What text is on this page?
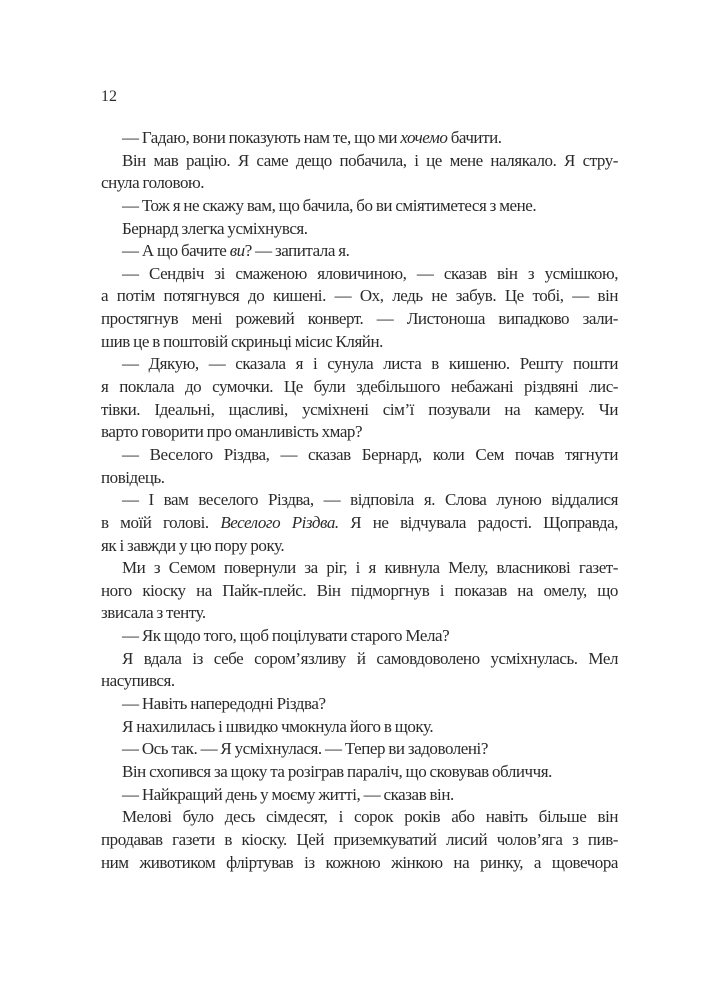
12
— Гадаю, вони показують нам те, що ми хочемо бачити.
Він мав рацію. Я саме дещо побачила, і це мене налякало. Я стру-
снула головою.
— Тож я не скажу вам, що бачила, бо ви сміятиметеся з мене.
Бернард злегка усміхнувся.
— А що бачите ви? — запитала я.
— Сендвіч зі смаженою яловичиною, — сказав він з усмішкою,
а потім потягнувся до кишені. — Ох, ледь не забув. Це тобі, — він
простягнув мені рожевий конверт. — Листоноша випадково зали-
шив це в поштовій скриньці місис Кляйн.
— Дякую, — сказала я і сунула листа в кишеню. Решту пошти
я поклала до сумочки. Це були здебільшого небажані різдвяні лис-
тівки. Ідеальні, щасливі, усміхнені сім’ї позували на камеру. Чи
варто говорити про оманливість хмар?
— Веселого Різдва, — сказав Бернард, коли Сем почав тягнути
повідець.
— І вам веселого Різдва, — відповіла я. Слова луною віддалися
в моїй голові. Веселого Різдва. Я не відчувала радості. Щоправда,
як і завжди у цю пору року.
Ми з Семом повернули за ріг, і я кивнула Мелу, власникові газет-
ного кіоску на Пайк-плейс. Він підморгнув і показав на омелу, що
звисала з тенту.
— Як щодо того, щоб поцілувати старого Мела?
Я вдала із себе сором’язливу й самовдоволено усміхнулась. Мел
насупився.
— Навіть напередодні Різдва?
Я нахилилась і швидко чмокнула його в щоку.
— Ось так. — Я усміхнулася. — Тепер ви задоволені?
Він схопився за щоку та розіграв параліч, що сковував обличчя.
— Найкращий день у моєму житті, — сказав він.
Мелові було десь сімдесят, і сорок років або навіть більше він
продавав газети в кіоску. Цей приземкуватий лисий чолов’яга з пив-
ним животиком фліртував із кожною жінкою на ринку, а щовечора
